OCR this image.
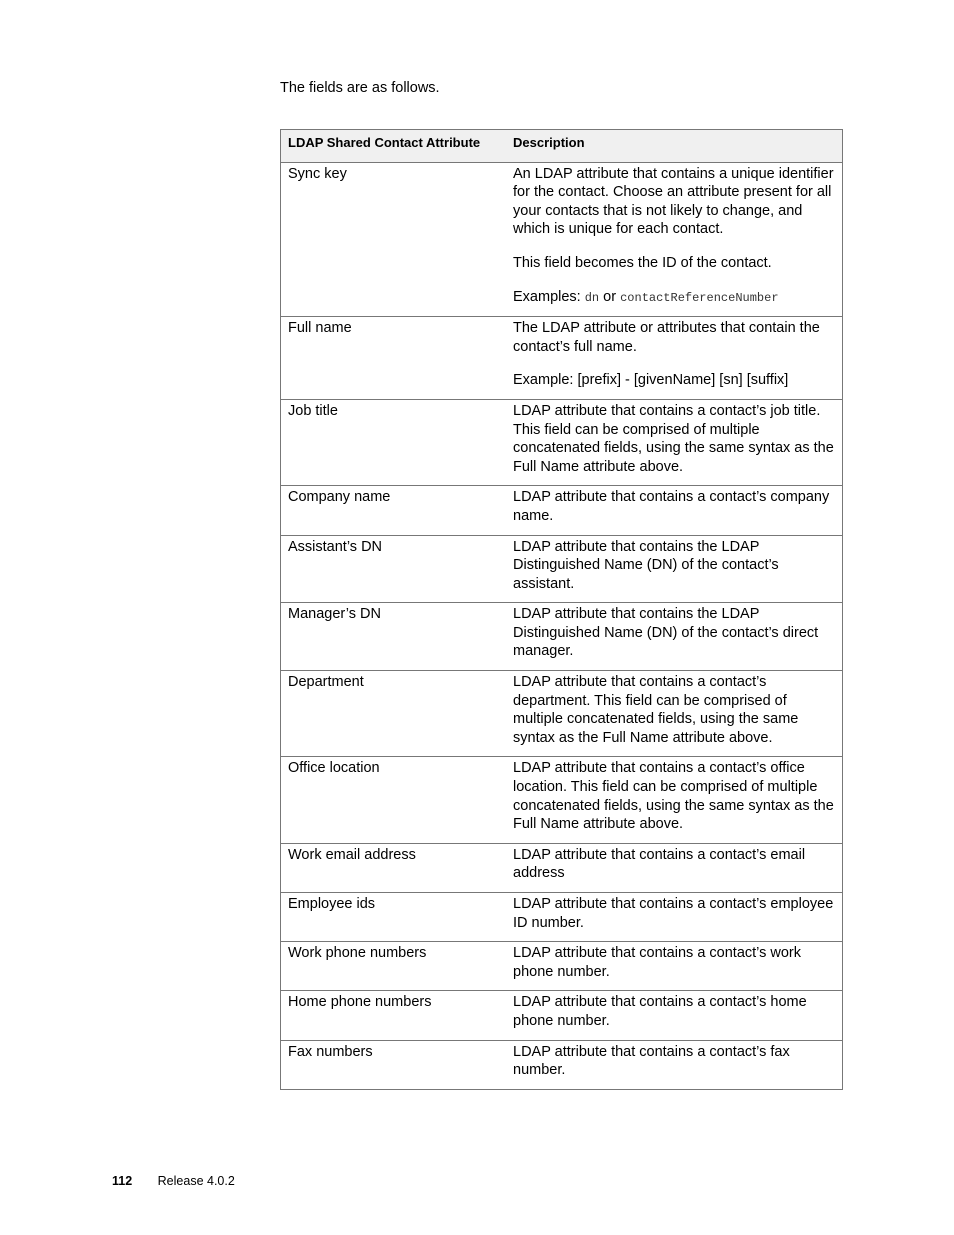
The fields are as follows.
LDAP Shared Contact Attribute	Description
Sync key	An LDAP attribute that contains a unique identifier for the contact. Choose an attribute present for all your contacts that is not likely to change, and which is unique for each contact.

This field becomes the ID of the contact.

Examples: dn or contactReferenceNumber

Full name	The LDAP attribute or attributes that contain the contact’s full name.

Example: [prefix] - [givenName] [sn] [suffix]

Job title	LDAP attribute that contains a contact’s job title. This field can be comprised of multiple concatenated fields, using the same syntax as the Full Name attribute above.

Company name	LDAP attribute that contains a contact’s company name.

Assistant’s DN	LDAP attribute that contains the LDAP Distinguished Name (DN) of the contact’s assistant.

Manager’s DN	LDAP attribute that contains the LDAP Distinguished Name (DN) of the contact’s direct manager.

Department	LDAP attribute that contains a contact’s department. This field can be comprised of multiple concatenated fields, using the same syntax as the Full Name attribute above.

Office location	LDAP attribute that contains a contact’s office location. This field can be comprised of multiple concatenated fields, using the same syntax as the Full Name attribute above.

Work email address	LDAP attribute that contains a contact’s email address

Employee ids	LDAP attribute that contains a contact’s employee ID number.

Work phone numbers	LDAP attribute that contains a contact’s work phone number.

Home phone numbers	LDAP attribute that contains a contact’s home phone number.

Fax numbers	LDAP attribute that contains a contact’s fax number.

112 Release 4.0.2
